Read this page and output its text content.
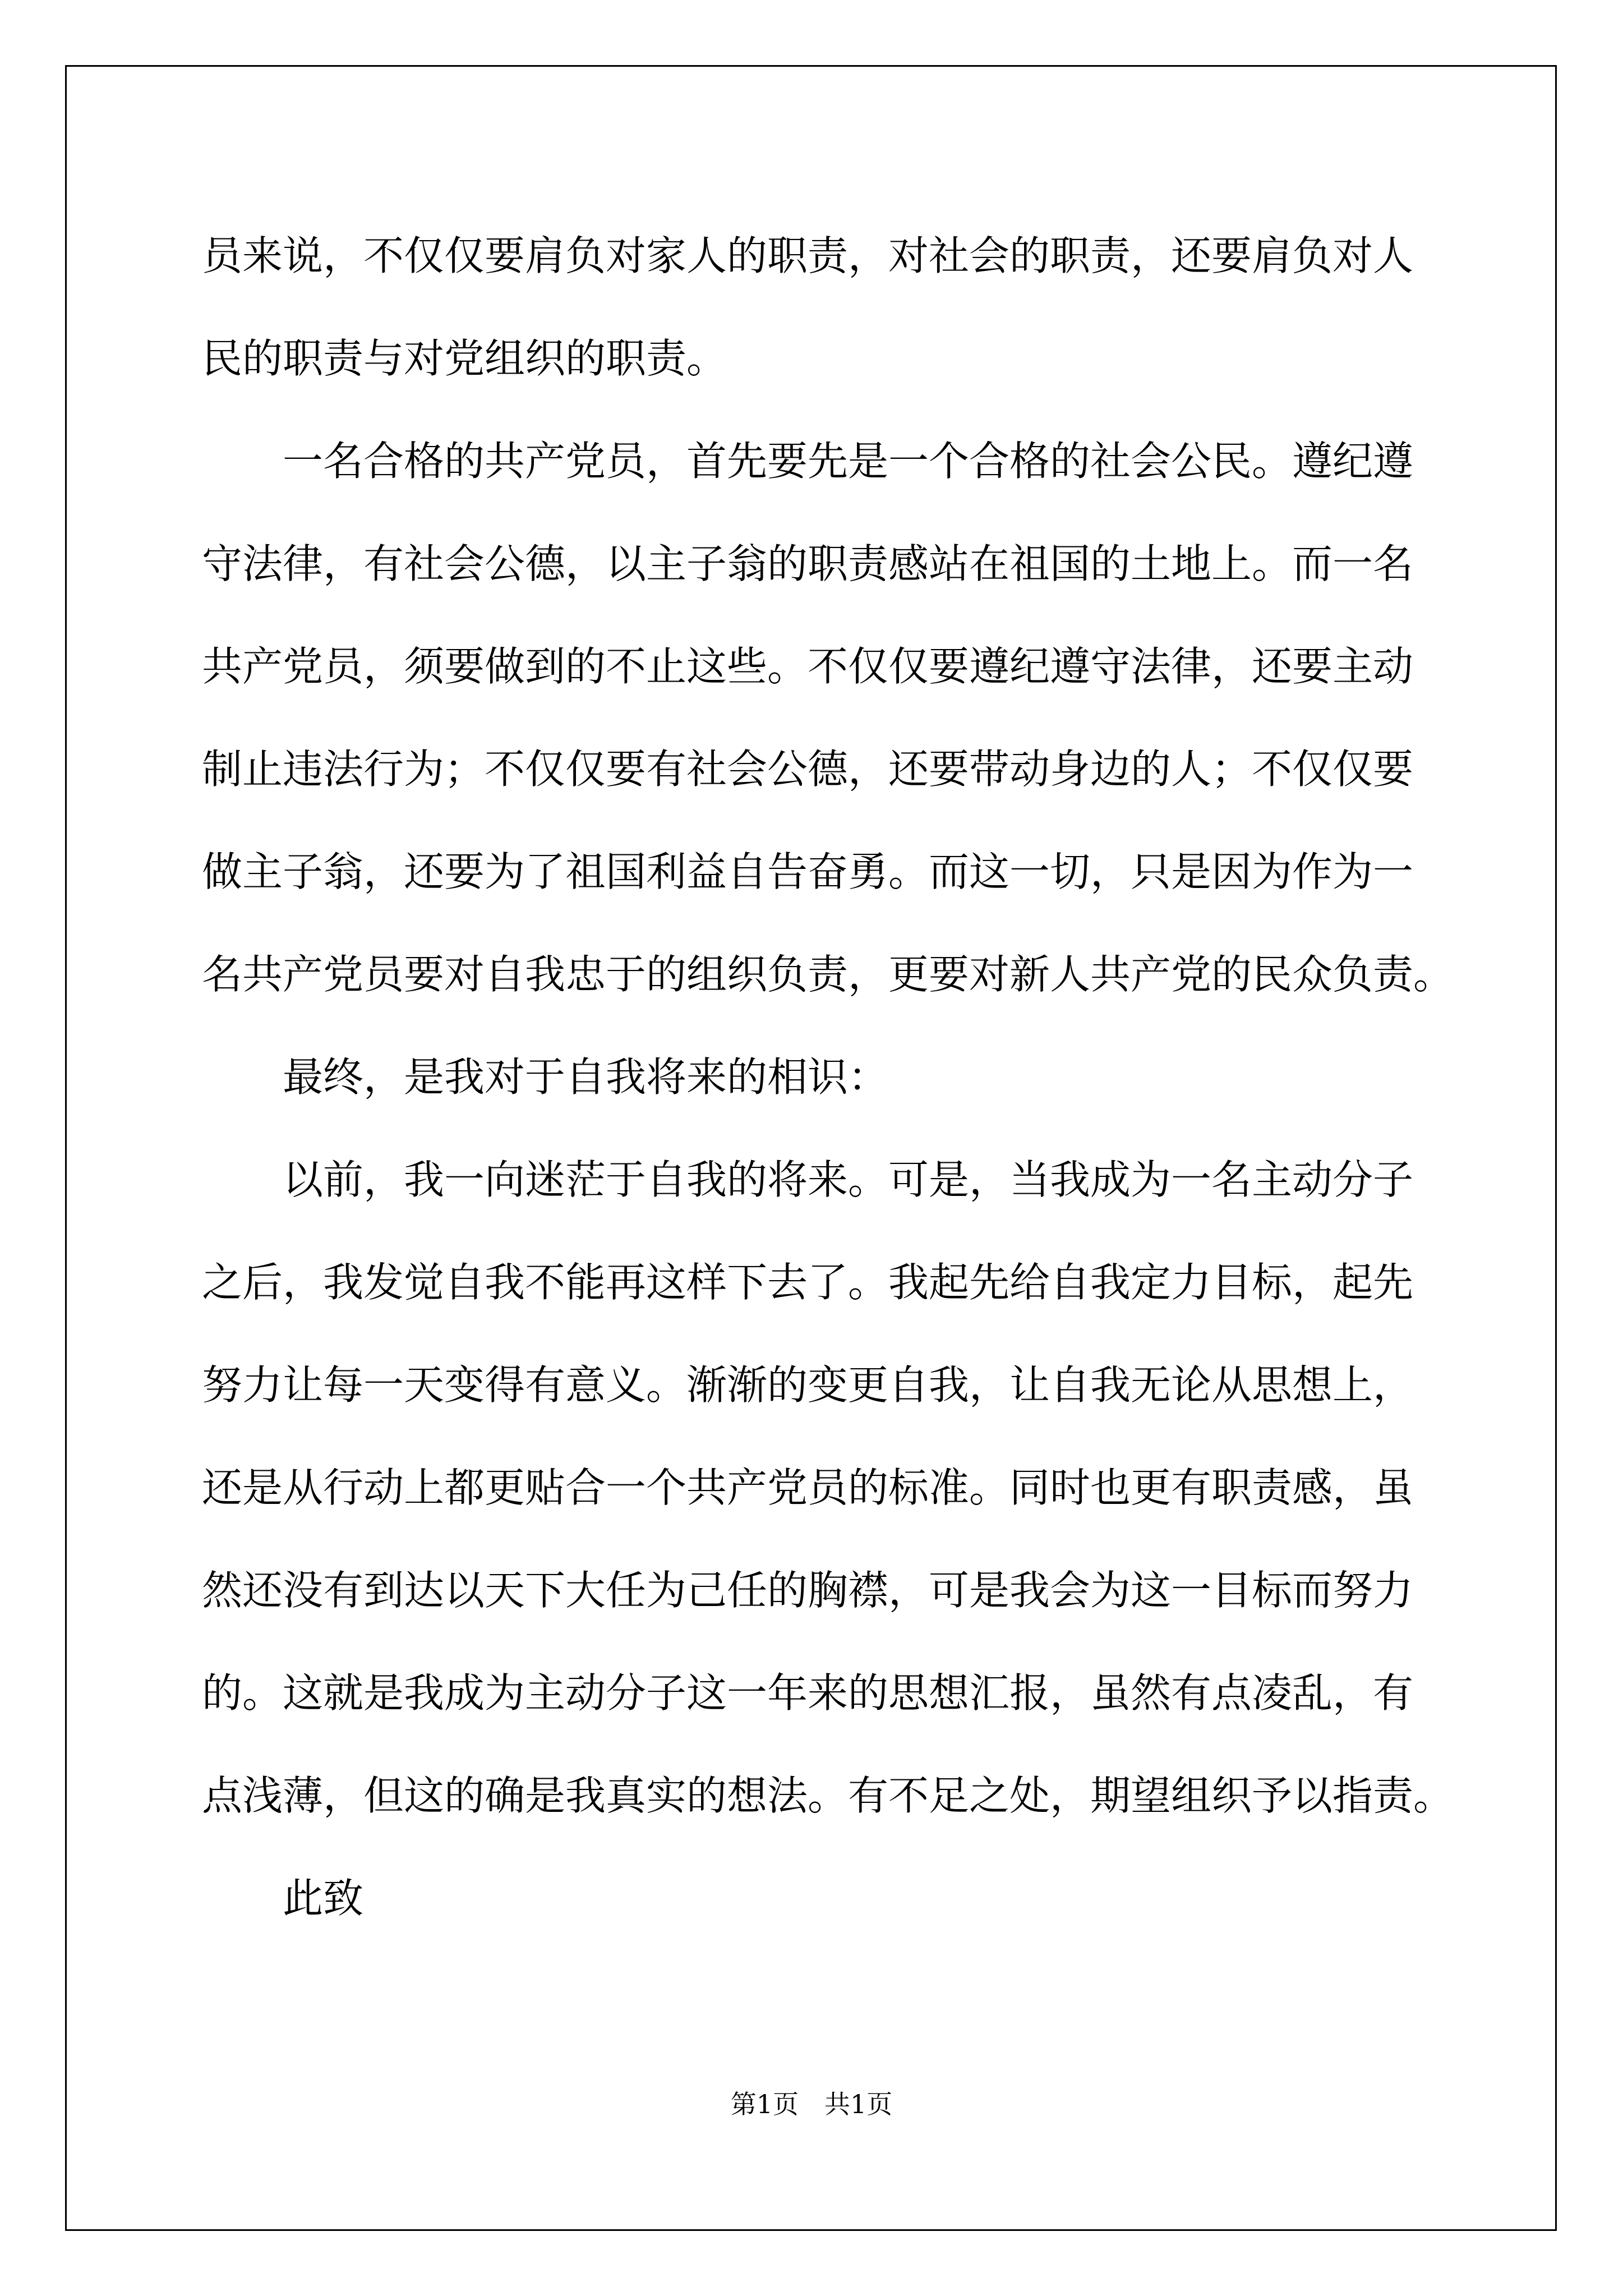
员来说，不仅仅要肩负对家人的职责，对社会的职责，还要肩负对人
民的职责与对党组织的职责。
一名合格的共产党员，首先要先是一个合格的社会公民。遵纪遵
守法律，有社会公德，以主子翁的职责感站在祖国的土地上。而一名
共产党员，须要做到的不止这些。不仅仅要遵纪遵守法律，还要主动
制止违法行为；不仅仅要有社会公德，还要带动身边的人；不仅仅要
做主子翁，还要为了祖国利益自告奋勇。而这一切，只是因为作为一
名共产党员要对自我忠于的组织负责，更要对新人共产党的民众负责。
最终，是我对于自我将来的相识：
以前，我一向迷茫于自我的将来。可是，当我成为一名主动分子
之后，我发觉自我不能再这样下去了。我起先给自我定力目标，起先
努力让每一天变得有意义。渐渐的变更自我，让自我无论从思想上，
还是从行动上都更贴合一个共产党员的标准。同时也更有职责感，虽
然还没有到达以天下大任为己任的胸襟，可是我会为这一目标而努力
的。这就是我成为主动分子这一年来的思想汇报，虽然有点凌乱，有
点浅薄，但这的确是我真实的想法。有不足之处，期望组织予以指责。
此致
第1页 共1页
